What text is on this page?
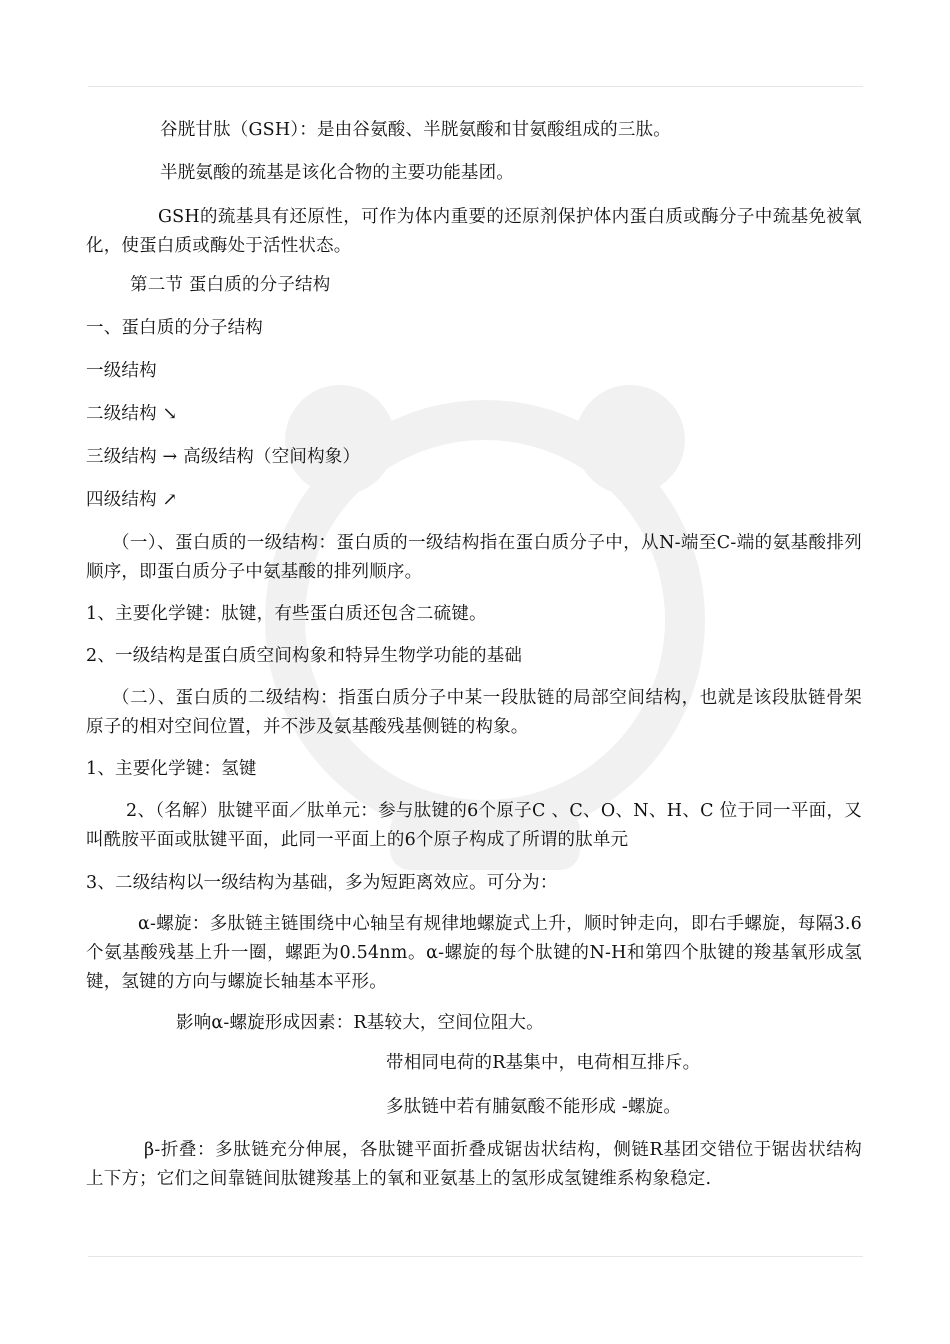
谷胱甘肽（GSH）：是由谷氨酸、半胱氨酸和甘氨酸组成的三肽。
半胱氨酸的巯基是该化合物的主要功能基团。
GSH的巯基具有还原性，可作为体内重要的还原剂保护体内蛋白质或酶分子中巯基免被氧化，使蛋白质或酶处于活性状态。
第二节 蛋白质的分子结构
一、蛋白质的分子结构
一级结构
二级结构 ↘
三级结构 → 高级结构（空间构象）
四级结构 ↗
（一）、蛋白质的一级结构：蛋白质的一级结构指在蛋白质分子中，从N-端至C-端的氨基酸排列顺序，即蛋白质分子中氨基酸的排列顺序。
1、主要化学键：肽键，有些蛋白质还包含二硫键。
2、一级结构是蛋白质空间构象和特异生物学功能的基础
（二）、蛋白质的二级结构：指蛋白质分子中某一段肽链的局部空间结构，也就是该段肽链骨架原子的相对空间位置，并不涉及氨基酸残基侧链的构象。
1、主要化学键：氢键
2、（名解）肽键平面／肽单元：参与肽键的6个原子C 、C、O、N、H、C 位于同一平面，又叫酰胺平面或肽键平面，此同一平面上的6个原子构成了所谓的肽单元
3、二级结构以一级结构为基础，多为短距离效应。可分为：
α-螺旋：多肽链主链围绕中心轴呈有规律地螺旋式上升，顺时钟走向，即右手螺旋，每隔3.6个氨基酸残基上升一圈，螺距为0.54nm。α-螺旋的每个肽键的N-H和第四个肽键的羧基氧形成氢键，氢键的方向与螺旋长轴基本平形。
影响α-螺旋形成因素：R基较大，空间位阻大。
带相同电荷的R基集中，电荷相互排斥。
多肽链中若有脯氨酸不能形成 -螺旋。
β-折叠：多肽链充分伸展，各肽键平面折叠成锯齿状结构，侧链R基团交错位于锯齿状结构上下方；它们之间靠链间肽键羧基上的氧和亚氨基上的氢形成氢键维系构象稳定.
